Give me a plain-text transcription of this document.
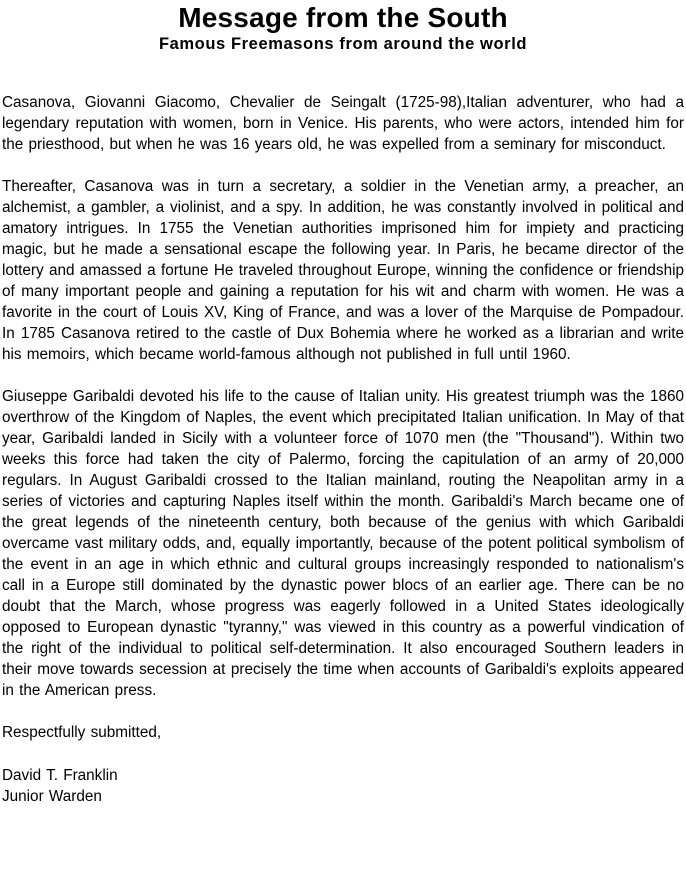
Message from the South
Famous Freemasons from around the world

Casanova, Giovanni Giacomo, Chevalier de Seingalt (1725-98),Italian adventurer, who had a legendary reputation with women, born in Venice. His parents, who were actors, intended him for the priesthood, but when he was 16 years old, he was expelled from a seminary for misconduct.

Thereafter, Casanova was in turn a secretary, a soldier in the Venetian army, a preacher, an alchemist, a gambler, a violinist, and a spy. In addition, he was constantly involved in political and amatory intrigues. In 1755 the Venetian authorities imprisoned him for impiety and practicing magic, but he made a sensational escape the following year. In Paris, he became director of the lottery and amassed a fortune He traveled throughout Europe, winning the confidence or friendship of many important people and gaining a reputation for his wit and charm with women. He was a favorite in the court of Louis XV, King of France, and was a lover of the Marquise de Pompadour. In 1785 Casanova retired to the castle of Dux Bohemia where he worked as a librarian and write his memoirs, which became world-famous although not published in full until 1960.

Giuseppe Garibaldi devoted his life to the cause of Italian unity. His greatest triumph was the 1860 overthrow of the Kingdom of Naples, the event which precipitated Italian unification. In May of that year, Garibaldi landed in Sicily with a volunteer force of 1070 men (the "Thousand"). Within two weeks this force had taken the city of Palermo, forcing the capitulation of an army of 20,000 regulars. In August Garibaldi crossed to the Italian mainland, routing the Neapolitan army in a series of victories and capturing Naples itself within the month. Garibaldi's March became one of the great legends of the nineteenth century, both because of the genius with which Garibaldi overcame vast military odds, and, equally importantly, because of the potent political symbolism of the event in an age in which ethnic and cultural groups increasingly responded to nationalism's call in a Europe still dominated by the dynastic power blocs of an earlier age. There can be no doubt that the March, whose progress was eagerly followed in a United States ideologically opposed to European dynastic "tyranny," was viewed in this country as a powerful vindication of the right of the individual to political self-determination. It also encouraged Southern leaders in their move towards secession at precisely the time when accounts of Garibaldi's exploits appeared in the American press.

Respectfully submitted,

David T. Franklin

Junior Warden
